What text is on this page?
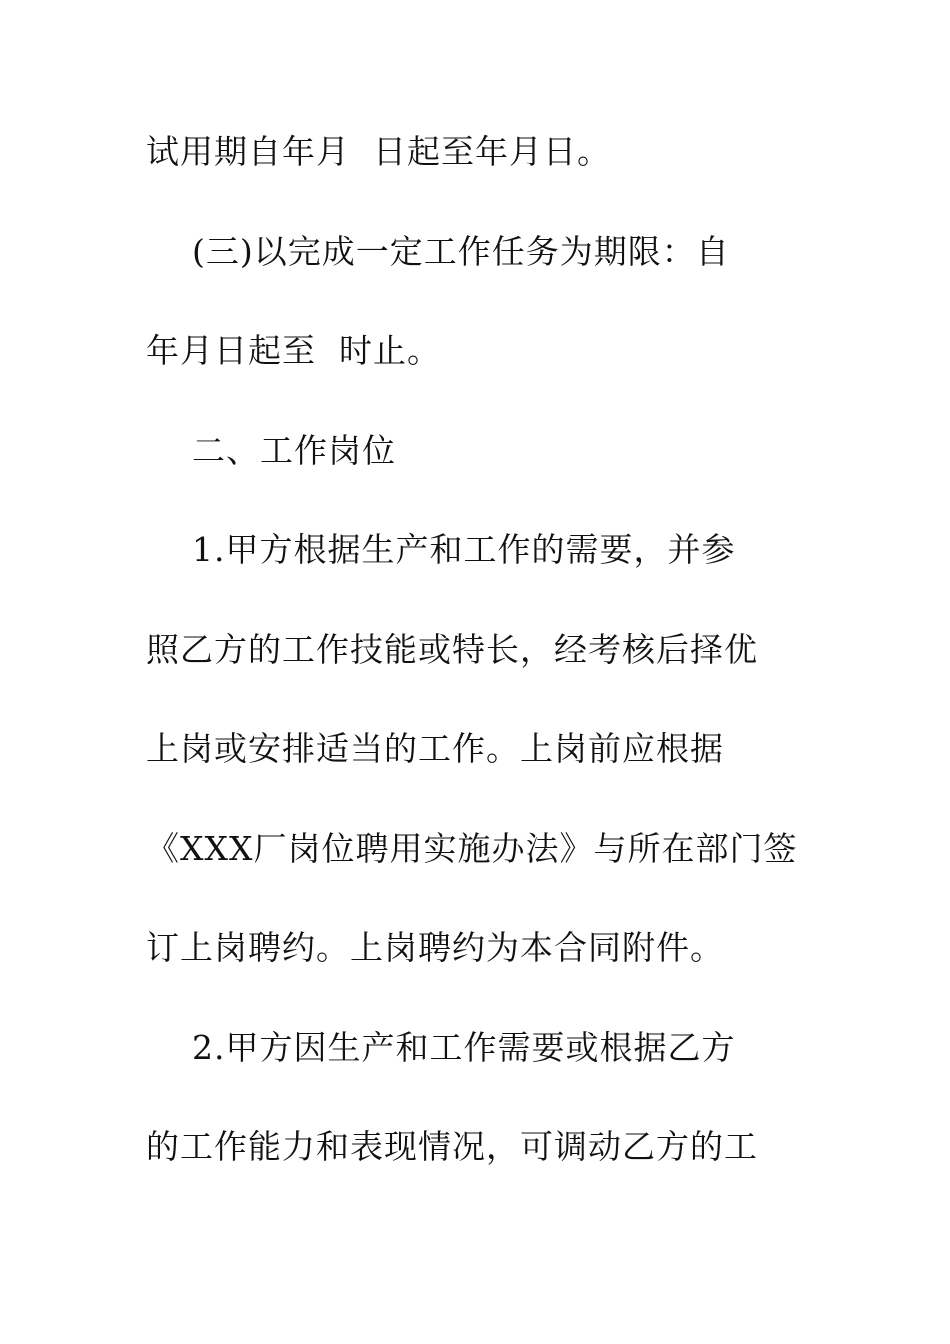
试用期自年月  日起至年月日。
(三)以完成一定工作任务为期限：自
年月日起至  时止。
二、工作岗位
1.甲方根据生产和工作的需要，并参
照乙方的工作技能或特长，经考核后择优
上岗或安排适当的工作。上岗前应根据
《XXX厂岗位聘用实施办法》与所在部门签
订上岗聘约。上岗聘约为本合同附件。
2.甲方因生产和工作需要或根据乙方
的工作能力和表现情况，可调动乙方的工
